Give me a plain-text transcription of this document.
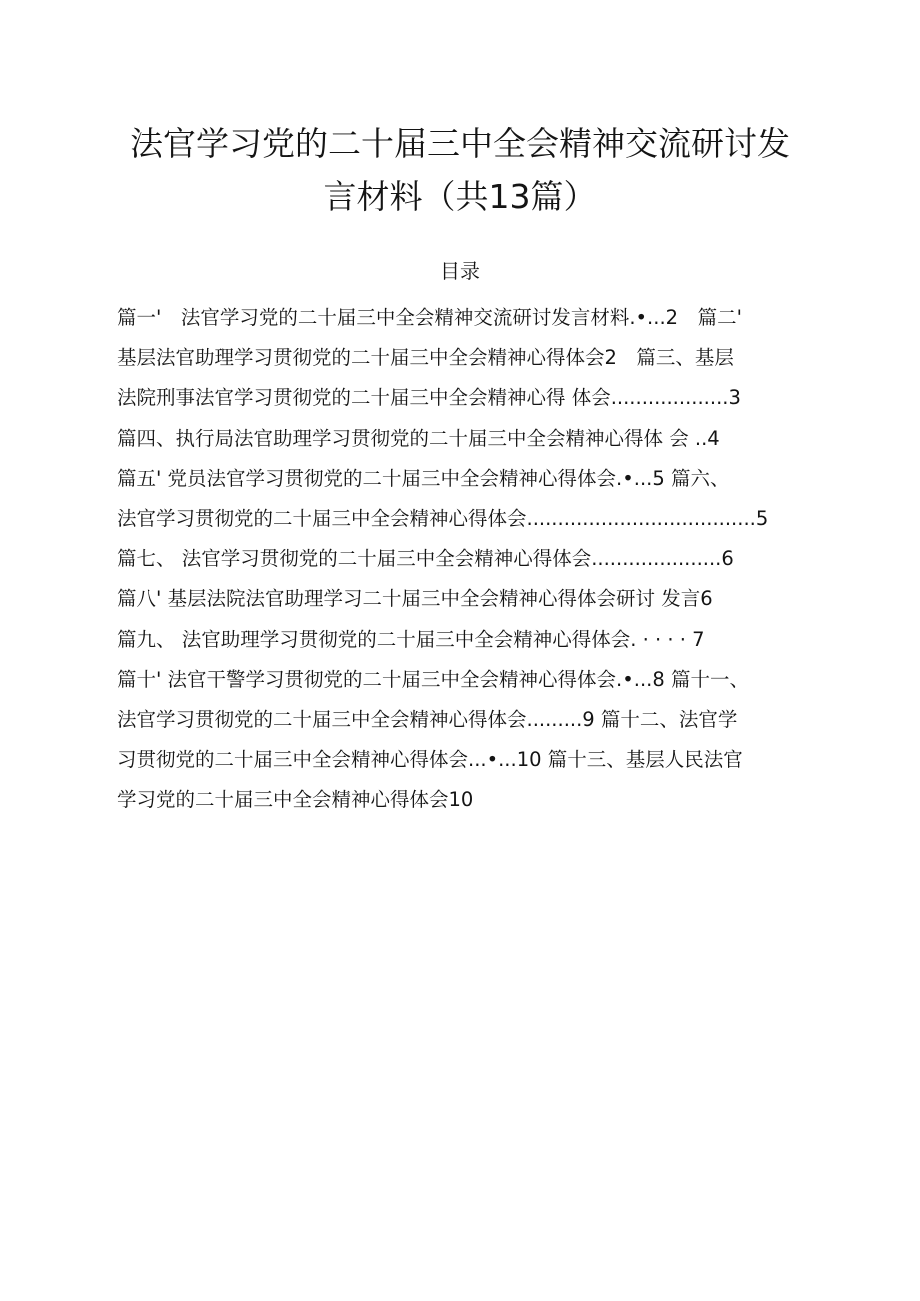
法官学习党的二十届三中全会精神交流研讨发
言材料（共13篇）
目录
篇一'　法官学习党的二十届三中全会精神交流研讨发言材料.•...2　篇二'
基层法官助理学习贯彻党的二十届三中全会精神心得体会2　篇三、基层
法院刑事法官学习贯彻党的二十届三中全会精神心得 体会...................3
篇四、执行局法官助理学习贯彻党的二十届三中全会精神心得体 会 ..4
篇五' 党员法官学习贯彻党的二十届三中全会精神心得体会.•...5 篇六、
法官学习贯彻党的二十届三中全会精神心得体会.....................................5
篇七、 法官学习贯彻党的二十届三中全会精神心得体会.....................6
篇八' 基层法院法官助理学习二十届三中全会精神心得体会研讨 发言6
篇九、 法官助理学习贯彻党的二十届三中全会精神心得体会. · · · · 7
篇十' 法官干警学习贯彻党的二十届三中全会精神心得体会.•...8 篇十一、
法官学习贯彻党的二十届三中全会精神心得体会.........9 篇十二、法官学
习贯彻党的二十届三中全会精神心得体会...•...10 篇十三、基层人民法官
学习党的二十届三中全会精神心得体会10
